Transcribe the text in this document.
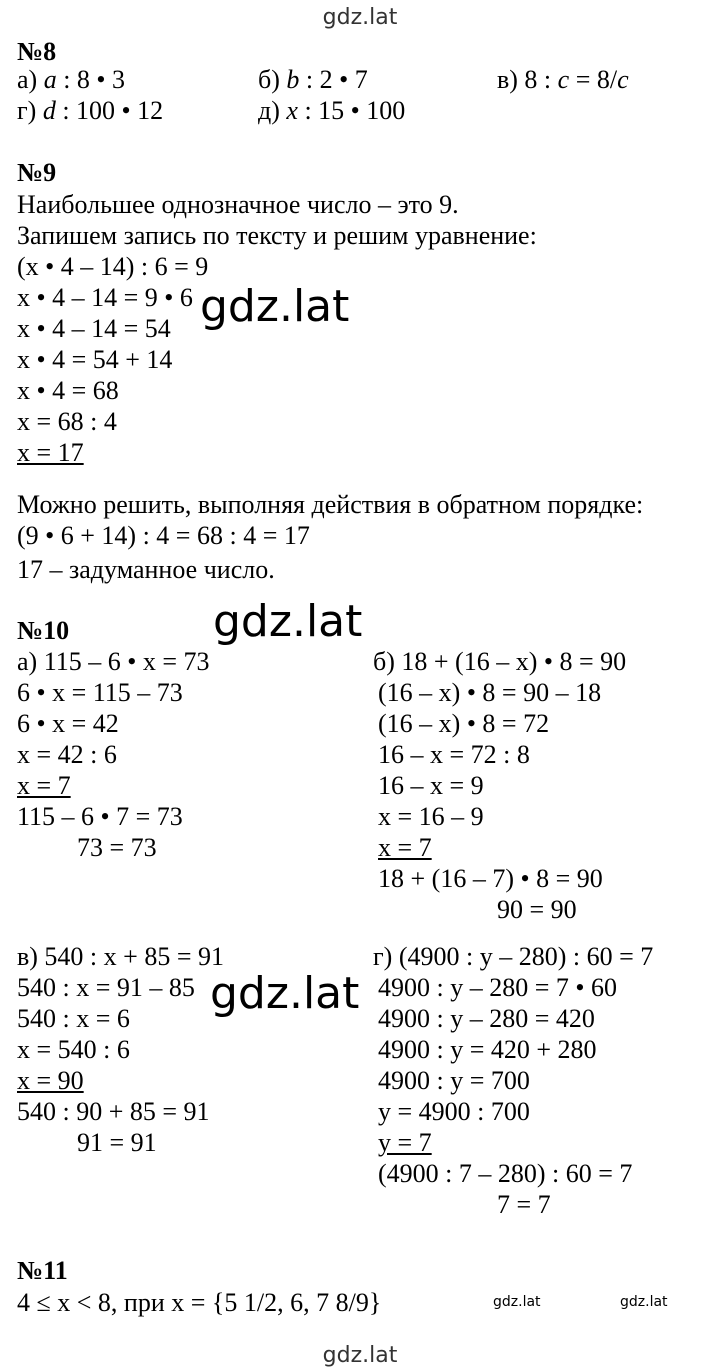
gdz.lat
№8
а) a : 8 • 3	б) b : 2 • 7	в) 8 : c = 8/c
г) d : 100 • 12	д) x : 15 • 100
№9
Наибольшее однозначное число – это 9.
Запишем запись по тексту и решим уравнение:
(x • 4 – 14) : 6 = 9
x • 4 – 14 = 9 • 6
x • 4 – 14 = 54
x • 4 = 54 + 14
x • 4 = 68
x = 68 : 4
x = 17
Можно решить, выполняя действия в обратном порядке:
(9 • 6 + 14) : 4 = 68 : 4 = 17
17 – задуманное число.
gdz.lat
№10	gdz.lat
а) 115 – 6 • x = 73
6 • x = 115 – 73
6 • x = 42
x = 42 : 6
x = 7
115 – 6 • 7 = 73
73 = 73
б) 18 + (16 – x) • 8 = 90
(16 – x) • 8 = 90 – 18
(16 – x) • 8 = 72
16 – x = 72 : 8
16 – x = 9
x = 16 – 9
x = 7
18 + (16 – 7) • 8 = 90
90 = 90
в) 540 : x + 85 = 91
540 : x = 91 – 85
540 : x = 6
x = 540 : 6
x = 90
540 : 90 + 85 = 91
91 = 91
г) (4900 : y – 280) : 60 = 7
4900 : y – 280 = 7 • 60
4900 : y – 280 = 420
4900 : y = 420 + 280
4900 : y = 700
y = 4900 : 700
y = 7
(4900 : 7 – 280) : 60 = 7
7 = 7
gdz.lat
№11
4 ≤ x < 8, при x = {5 1/2, 6, 7 8/9}	gdz.lat	gdz.lat
gdz.lat
